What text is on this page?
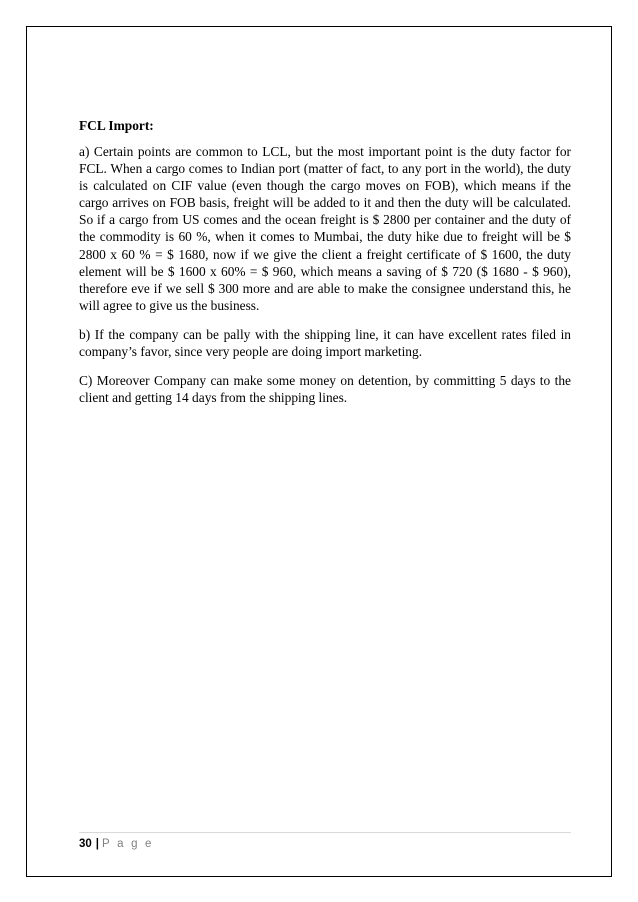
FCL Import:

a) Certain points are common to LCL, but the most important point is the duty factor for FCL. When a cargo comes to Indian port (matter of fact, to any port in the world), the duty is calculated on CIF value (even though the cargo moves on FOB), which means if the cargo arrives on FOB basis, freight will be added to it and then the duty will be calculated. So if a cargo from US comes and the ocean freight is $ 2800 per container and the duty of the commodity is 60 %, when it comes to Mumbai, the duty hike due to freight will be $ 2800 x 60 % = $ 1680, now if we give the client a freight certificate of $ 1600, the duty element will be $ 1600 x 60% = $ 960, which means a saving of $ 720 ($ 1680 - $ 960), therefore eve if we sell $ 300 more and are able to make the consignee understand this, he will agree to give us the business.

b) If the company can be pally with the shipping line, it can have excellent rates filed in company’s favor, since very people are doing import marketing.

C) Moreover Company can make some money on detention, by committing 5 days to the client and getting 14 days from the shipping lines.

30 | P a g e
